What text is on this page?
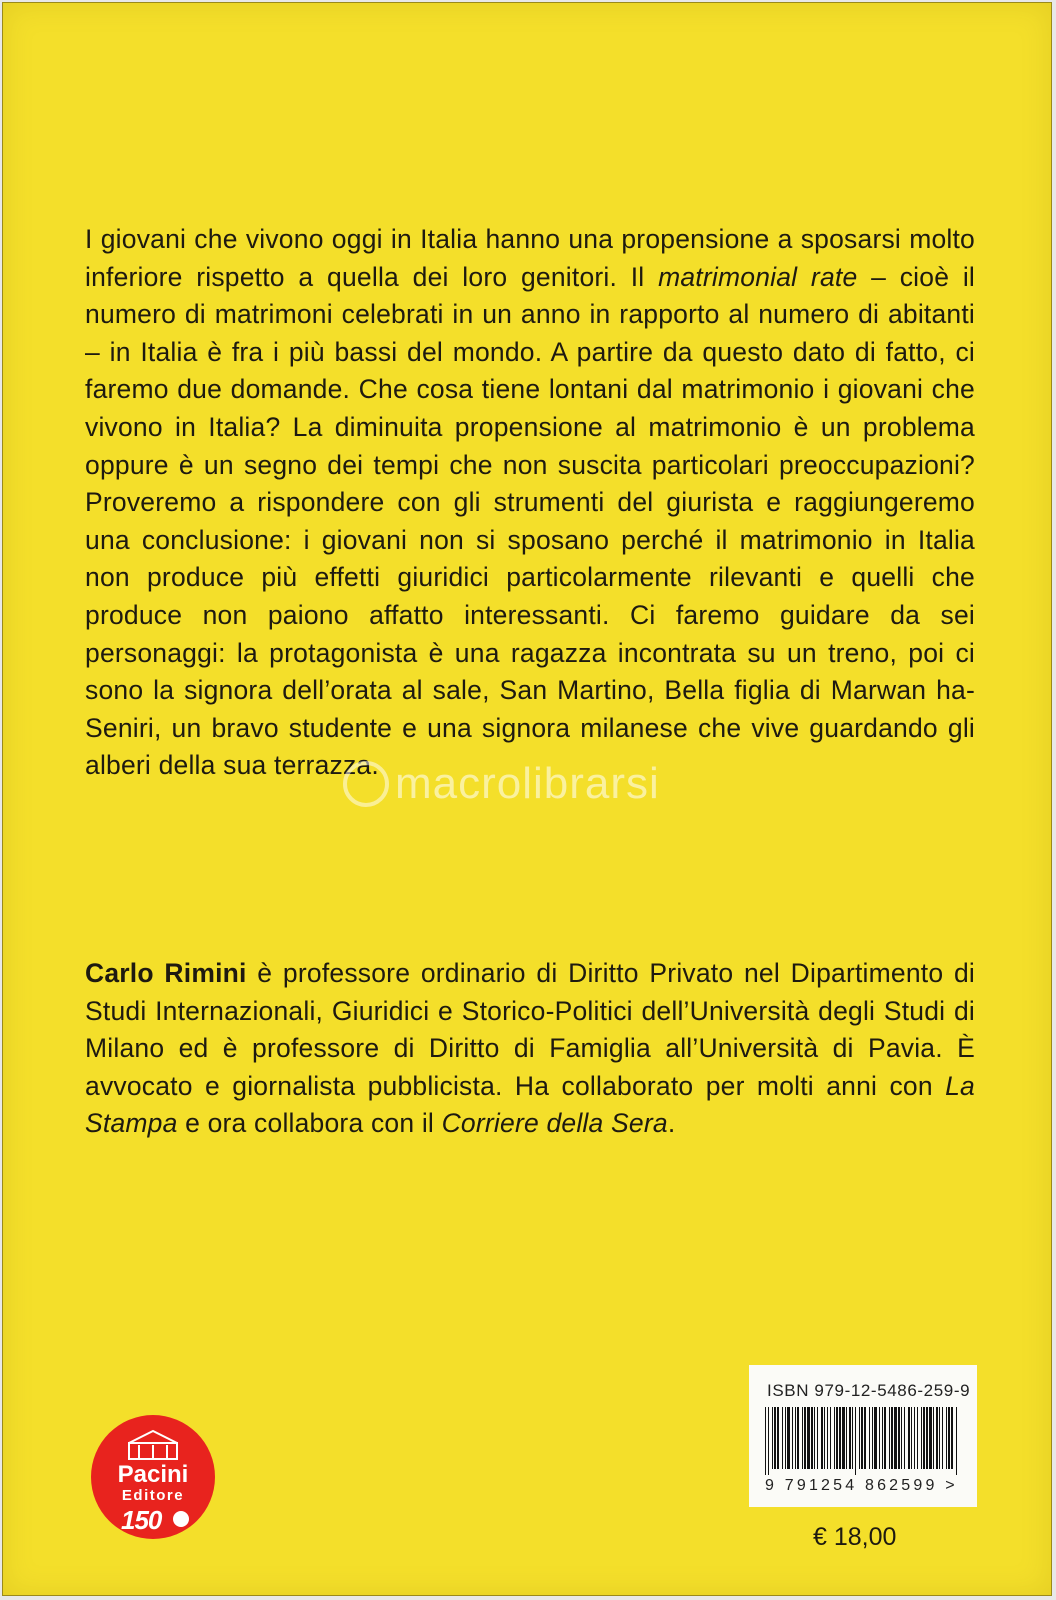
I giovani che vivono oggi in Italia hanno una propensione a sposarsi molto inferiore rispetto a quella dei loro genitori. Il matrimonial rate – cioè il numero di matrimoni celebrati in un anno in rapporto al numero di abitanti – in Italia è fra i più bassi del mondo. A partire da questo dato di fatto, ci faremo due domande. Che cosa tiene lontani dal matrimonio i giovani che vivono in Italia? La diminuita propensione al matrimonio è un problema oppure è un segno dei tempi che non suscita particolari preoccupazioni? Proveremo a rispondere con gli strumenti del giurista e raggiungeremo una conclusione: i giovani non si sposano perché il matrimonio in Italia non produce più effetti giuridici particolarmente rilevanti e quelli che produce non paiono affatto interessanti. Ci faremo guidare da sei personaggi: la protagonista è una ragazza incontrata su un treno, poi ci sono la signora dell’orata al sale, San Martino, Bella figlia di Marwan ha-Seniri, un bravo studente e una signora milanese che vive guardando gli alberi della sua terrazza. macrolibrarsi

Carlo Rimini è professore ordinario di Diritto Privato nel Dipartimento di Studi Internazionali, Giuridici e Storico-Politici dell’Università degli Studi di Milano ed è professore di Diritto di Famiglia all’Università di Pavia. È avvocato e giornalista pubblicista. Ha collaborato per molti anni con La Stampa e ora collabora con il Corriere della Sera.

Pacini
Editore
150
ISBN 979-12-5486-259-9
9 791254 862599 >
€ 18,00
